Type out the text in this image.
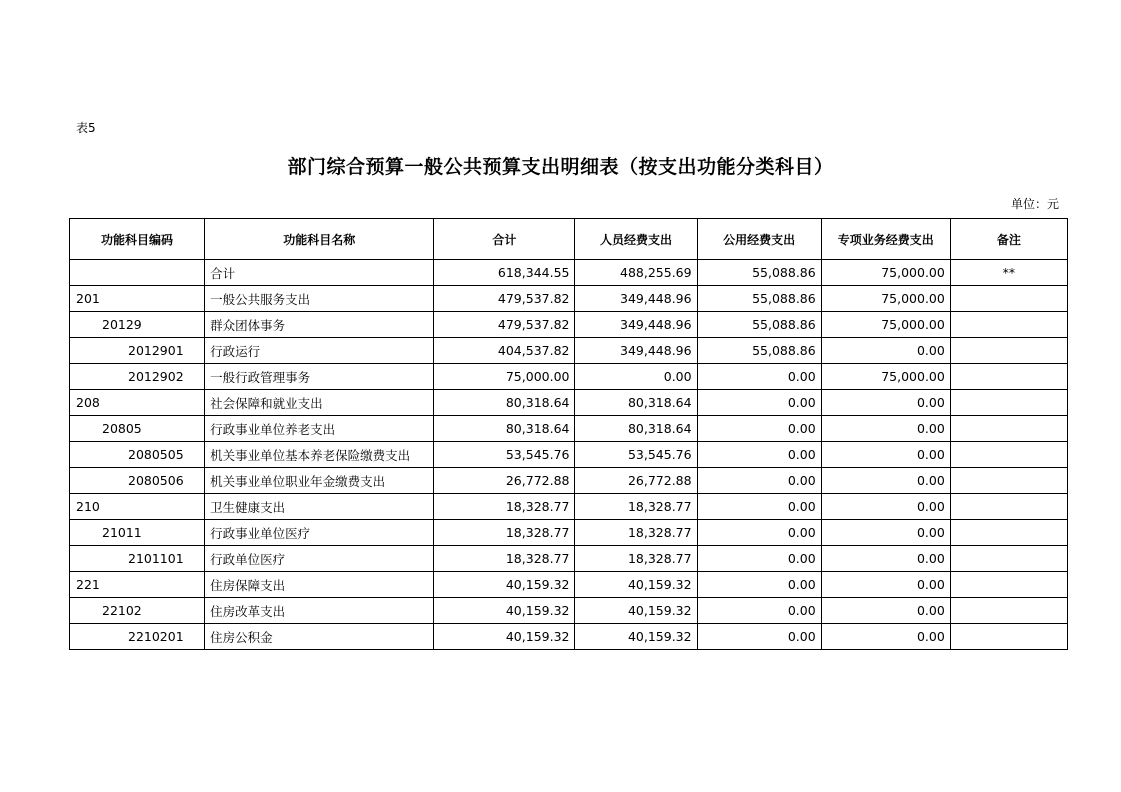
表5
部门综合预算一般公共预算支出明细表（按支出功能分类科目）
单位：元
功能科目编码	功能科目名称	合计	人员经费支出	公用经费支出	专项业务经费支出	备注
	合计	618,344.55	488,255.69	55,088.86	75,000.00	**
201	一般公共服务支出	479,537.82	349,448.96	55,088.86	75,000.00	
20129	群众团体事务	479,537.82	349,448.96	55,088.86	75,000.00	
2012901	行政运行	404,537.82	349,448.96	55,088.86	0.00	
2012902	一般行政管理事务	75,000.00	0.00	0.00	75,000.00	
208	社会保障和就业支出	80,318.64	80,318.64	0.00	0.00	
20805	行政事业单位养老支出	80,318.64	80,318.64	0.00	0.00	
2080505	机关事业单位基本养老保险缴费支出	53,545.76	53,545.76	0.00	0.00	
2080506	机关事业单位职业年金缴费支出	26,772.88	26,772.88	0.00	0.00	
210	卫生健康支出	18,328.77	18,328.77	0.00	0.00	
21011	行政事业单位医疗	18,328.77	18,328.77	0.00	0.00	
2101101	行政单位医疗	18,328.77	18,328.77	0.00	0.00	
221	住房保障支出	40,159.32	40,159.32	0.00	0.00	
22102	住房改革支出	40,159.32	40,159.32	0.00	0.00	
2210201	住房公积金	40,159.32	40,159.32	0.00	0.00	
